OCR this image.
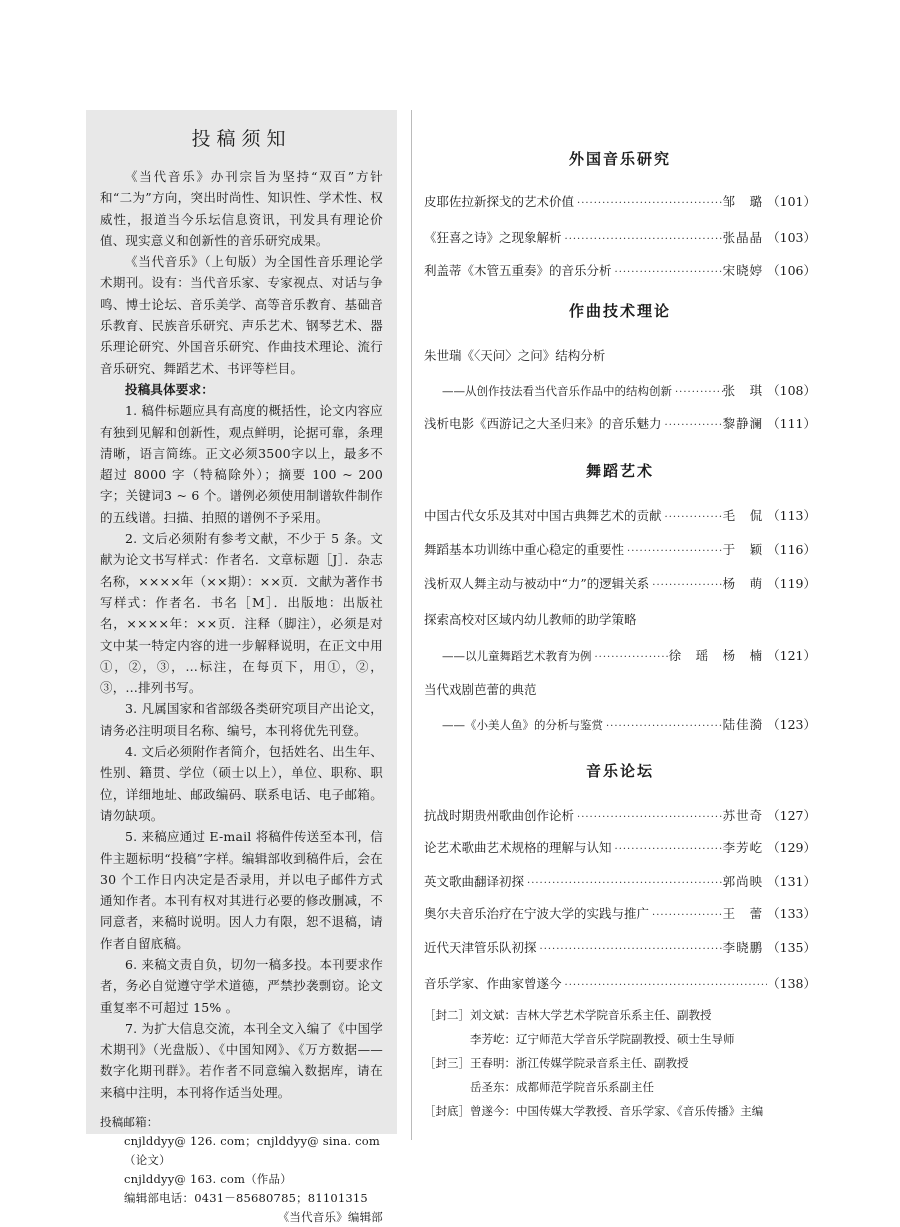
投稿须知

《当代音乐》办刊宗旨为坚持“双百”方针和“二为”方向，突出时尚性、知识性、学术性、权威性，报道当今乐坛信息资讯，刊发具有理论价值、现实意义和创新性的音乐研究成果。

《当代音乐》（上旬版）为全国性音乐理论学术期刊。设有：当代音乐家、专家视点、对话与争鸣、博士论坛、音乐美学、高等音乐教育、基础音乐教育、民族音乐研究、声乐艺术、钢琴艺术、器乐理论研究、外国音乐研究、作曲技术理论、流行音乐研究、舞蹈艺术、书评等栏目。

投稿具体要求：

1. 稿件标题应具有高度的概括性，论文内容应有独到见解和创新性，观点鲜明，论据可靠，条理清晰，语言简练。正文必须3500字以上，最多不超过 8000 字（特稿除外）；摘要 100 ~ 200 字；关键词3 ~ 6 个。谱例必须使用制谱软件制作的五线谱。扫描、拍照的谱例不予采用。

2. 文后必须附有参考文献，不少于 5 条。文献为论文书写样式：作者名．文章标题［J］．杂志名称，××××年（××期）：××页．文献为著作书写样式：作者名．书名［M］．出版地：出版社名，××××年：××页．注释（脚注），必须是对文中某一特定内容的进一步解释说明，在正文中用①，②，③，…标注，在每页下，用①，②，③，…排列书写。

3. 凡属国家和省部级各类研究项目产出论文，请务必注明项目名称、编号，本刊将优先刊登。

4. 文后必须附作者简介，包括姓名、出生年、性别、籍贯、学位（硕士以上），单位、职称、职位，详细地址、邮政编码、联系电话、电子邮箱。请勿缺项。

5. 来稿应通过 E-mail 将稿件传送至本刊，信件主题标明“投稿”字样。编辑部收到稿件后，会在 30 个工作日内决定是否录用，并以电子邮件方式通知作者。本刊有权对其进行必要的修改删减，不同意者，来稿时说明。因人力有限，恕不退稿，请作者自留底稿。

6. 来稿文责自负，切勿一稿多投。本刊要求作者，务必自觉遵守学术道德，严禁抄袭剽窃。论文重复率不可超过 15% 。

7. 为扩大信息交流，本刊全文入编了《中国学术期刊》（光盘版）、《中国知网》、《万方数据——数字化期刊群》。若作者不同意编入数据库，请在来稿中注明，本刊将作适当处理。

投稿邮箱：
cnjlddyy@ 126. com；cnjlddyy@ sina. com（论文）
cnjlddyy@ 163. com（作品）
编辑部电话：0431－85680785；81101315
《当代音乐》编辑部
外国音乐研究
皮耶佐拉新探戈的艺术价值 ·····	邹　璐 （101）
《狂喜之诗》之现象解析 ·····	张晶晶 （103）
利盖蒂《木管五重奏》的音乐分析 ·····	宋晓婷 （106）
作曲技术理论
朱世瑞《〈天问〉之问》结构分析
——从创作技法看当代音乐作品中的结构创新 ·····	张　琪 （108）
浅析电影《西游记之大圣归来》的音乐魅力 ·····	黎静澜 （111）
舞蹈艺术
中国古代女乐及其对中国古典舞艺术的贡献 ·····	毛　侃 （113）
舞蹈基本功训练中重心稳定的重要性 ·····	于　颖 （116）
浅析双人舞主动与被动中“力”的逻辑关系 ·····	杨　萌 （119）
探索高校对区域内幼儿教师的助学策略
——以儿童舞蹈艺术教育为例 ·····	徐　瑶　杨　楠 （121）
当代戏剧芭蕾的典范
——《小美人鱼》的分析与鉴赏 ·····	陆佳漪 （123）
音乐论坛
抗战时期贵州歌曲创作论析 ·····	苏世奇 （127）
论艺术歌曲艺术规格的理解与认知 ·····	李芳屹 （129）
英文歌曲翻译初探 ·····	郭尚映 （131）
奥尔夫音乐治疗在宁波大学的实践与推广 ·····	王　蕾 （133）
近代天津管乐队初探 ·····	李晓鹏 （135）
音乐学家、作曲家曾遂今 ·····	（138）
［封二］ 刘文斌：吉林大学艺术学院音乐系主任、副教授
李芳屹：辽宁师范大学音乐学院副教授、硕士生导师
［封三］ 王春明：浙江传媒学院录音系主任、副教授
岳圣东：成都师范学院音乐系副主任
［封底］ 曾遂今：中国传媒大学教授、音乐学家、《音乐传播》主编
